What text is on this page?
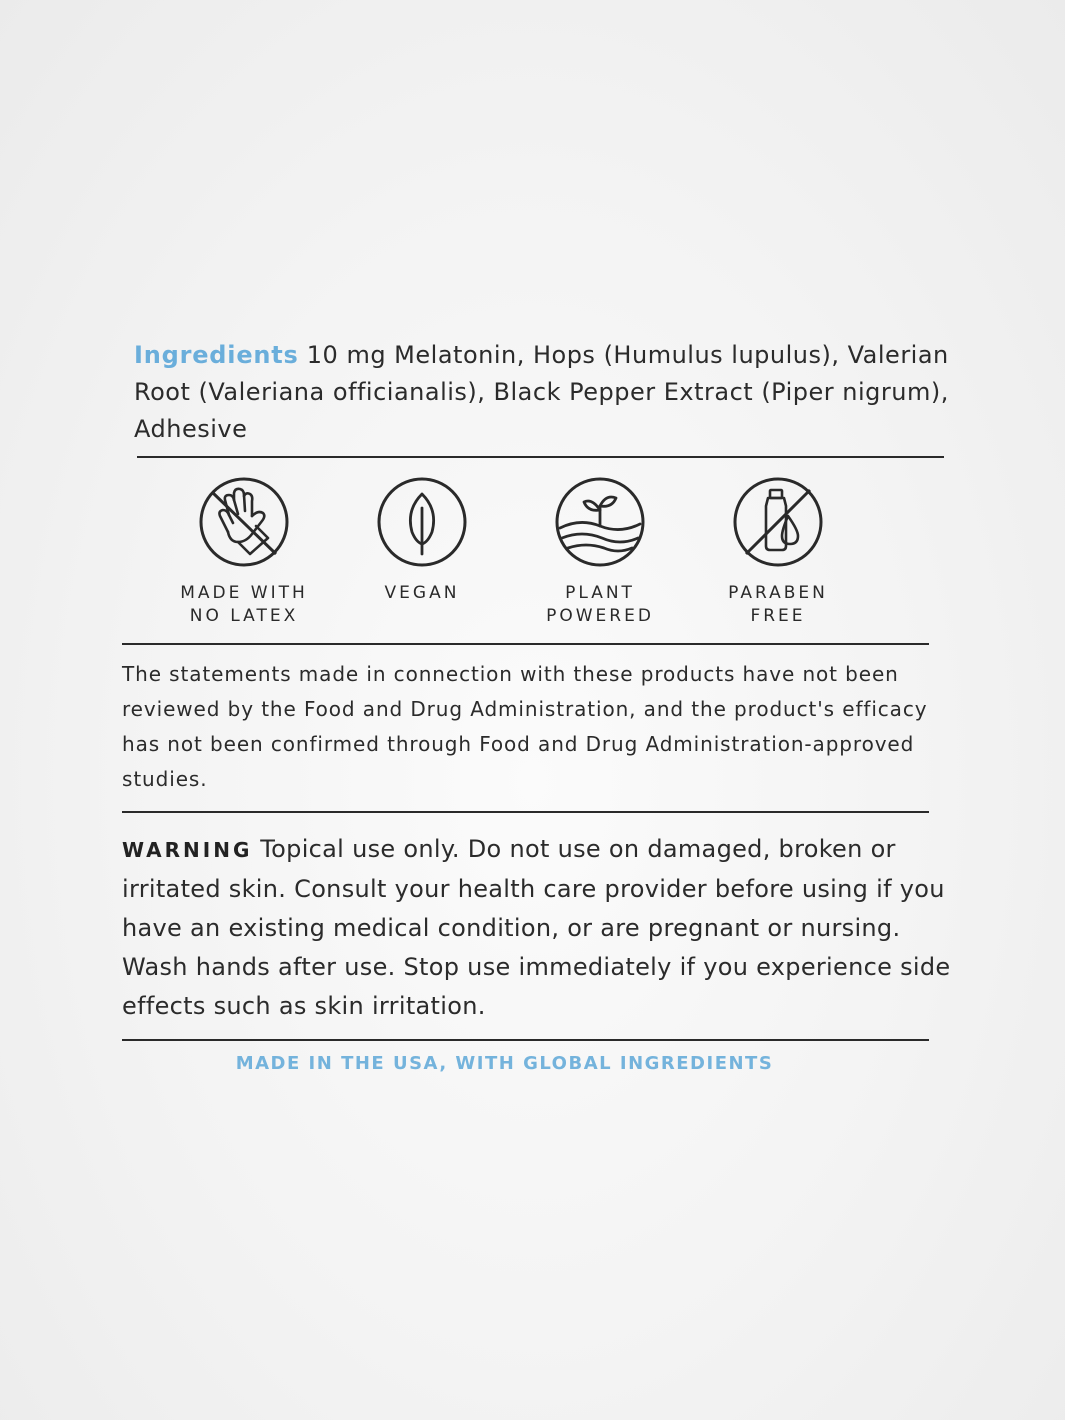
Ingredients 10 mg Melatonin, Hops (Humulus lupulus), Valerian Root (Valeriana officianalis), Black Pepper Extract (Piper nigrum), Adhesive
MADE WITH
NO LATEX
VEGAN	PLANT
POWERED
PARABEN
FREE
The statements made in connection with these products have not been reviewed by the Food and Drug Administration, and the product's efficacy has not been confirmed through Food and Drug Administration-approved studies.
WARNING Topical use only. Do not use on damaged, broken or irritated skin. Consult your health care provider before using if you have an existing medical condition, or are pregnant or nursing. Wash hands after use. Stop use immediately if you experience side effects such as skin irritation.
MADE IN THE USA, WITH GLOBAL INGREDIENTS
